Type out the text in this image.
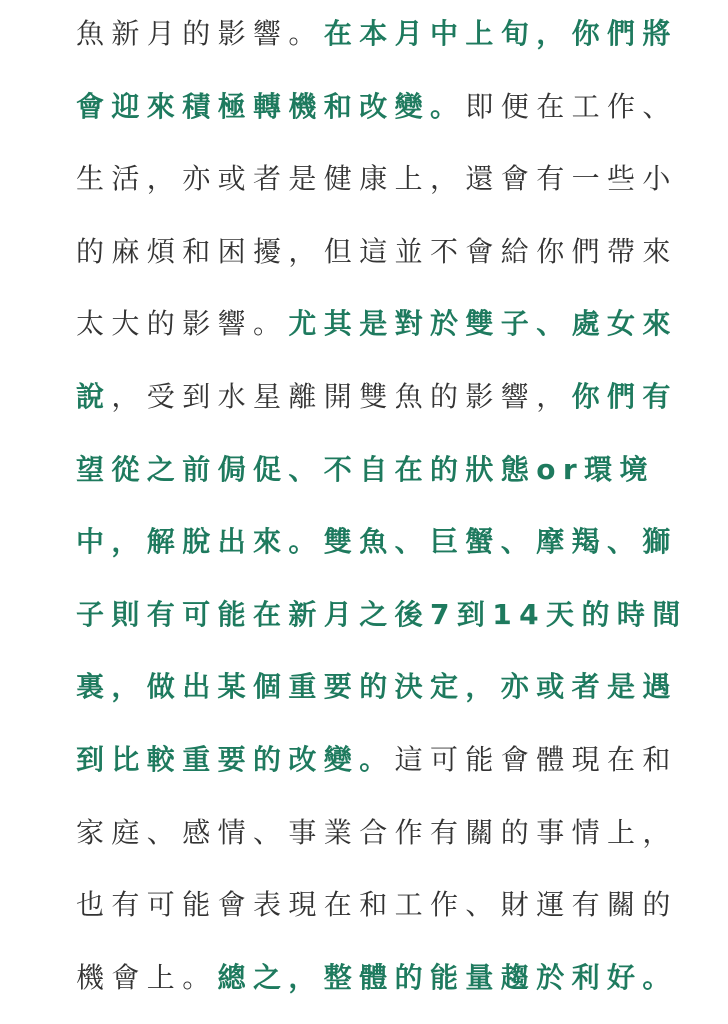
魚新月的影響。在本月中上旬，你們將
會迎來積極轉機和改變。即便在工作、
生活，亦或者是健康上，還會有一些小
的麻煩和困擾，但這並不會給你們帶來
太大的影響。尤其是對於雙子、處女來
說，受到水星離開雙魚的影響，你們有
望從之前侷促、不自在的狀態or環境
中，解脫出來。雙魚、巨蟹、摩羯、獅
子則有可能在新月之後7到14天的時間
裏，做出某個重要的決定，亦或者是遇
到比較重要的改變。這可能會體現在和
家庭、感情、事業合作有關的事情上，
也有可能會表現在和工作、財運有關的
機會上。總之，整體的能量趨於利好。
